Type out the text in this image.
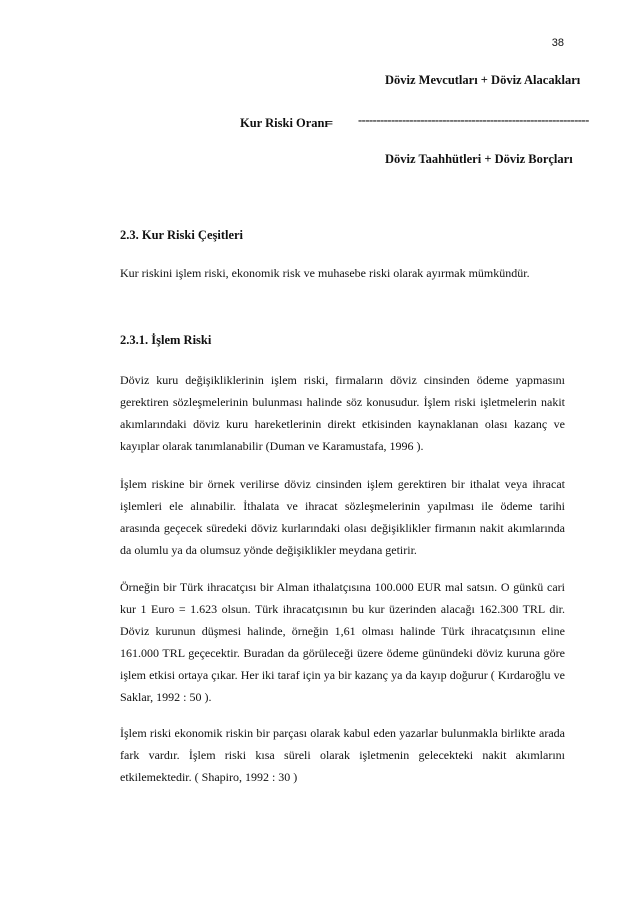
38
Döviz Mevcutları + Döviz Alacakları
Kur Riski Oranı
= ---------------------------------------------------------------
Döviz Taahhütleri + Döviz Borçları
2.3. Kur Riski Çeşitleri

Kur riskini işlem riski, ekonomik risk ve muhasebe riski olarak ayırmak mümkündür.

2.3.1. İşlem Riski

Döviz kuru değişikliklerinin işlem riski, firmaların döviz cinsinden ödeme yapmasını gerektiren sözleşmelerinin bulunması halinde söz konusudur. İşlem riski işletmelerin nakit akımlarındaki döviz kuru hareketlerinin direkt etkisinden kaynaklanan olası kazanç ve kayıplar olarak tanımlanabilir (Duman ve Karamustafa, 1996 ).

İşlem riskine bir örnek verilirse döviz cinsinden işlem gerektiren bir ithalat veya ihracat işlemleri ele alınabilir. İthalata ve ihracat sözleşmelerinin yapılması ile ödeme tarihi arasında geçecek süredeki döviz kurlarındaki olası değişiklikler firmanın nakit akımlarında da olumlu ya da olumsuz yönde değişiklikler meydana getirir.

Örneğin bir Türk ihracatçısı bir Alman ithalatçısına 100.000 EUR mal satsın. O günkü cari kur 1 Euro = 1.623 olsun. Türk ihracatçısının bu kur üzerinden alacağı 162.300 TRL dir. Döviz kurunun düşmesi halinde, örneğin 1,61 olması halinde Türk ihracatçısının eline 161.000 TRL geçecektir. Buradan da görüleceği üzere ödeme günündeki döviz kuruna göre işlem etkisi ortaya çıkar. Her iki taraf için ya bir kazanç ya da kayıp doğurur ( Kırdaroğlu ve Saklar, 1992 : 50 ).

İşlem riski ekonomik riskin bir parçası olarak kabul eden yazarlar bulunmakla birlikte arada fark vardır. İşlem riski kısa süreli olarak işletmenin gelecekteki nakit akımlarını etkilemektedir. ( Shapiro, 1992 : 30 )
